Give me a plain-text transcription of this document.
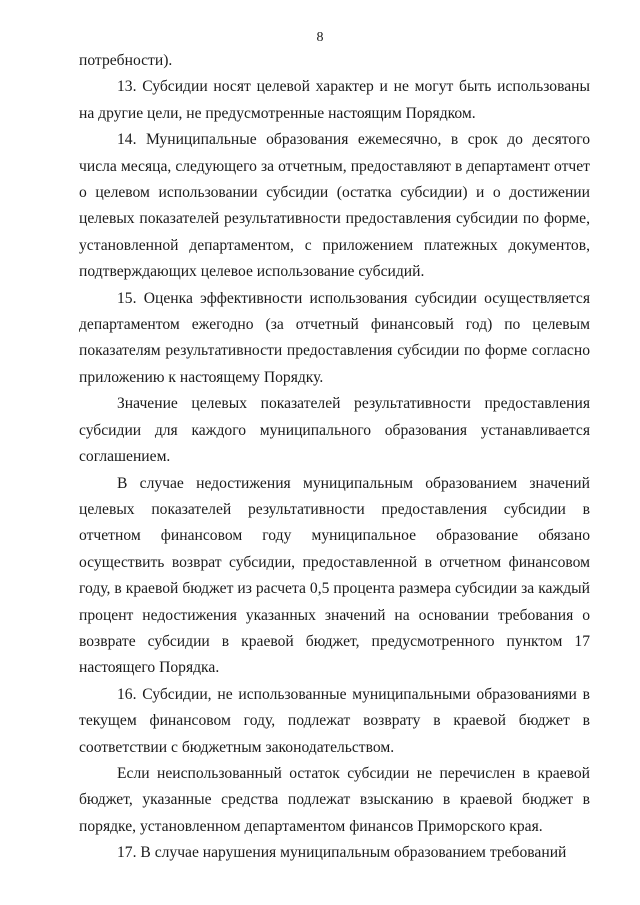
8

потребности).

13. Субсидии носят целевой характер и не могут быть использованы на другие цели, не предусмотренные настоящим Порядком.

14. Муниципальные образования ежемесячно, в срок до десятого числа месяца, следующего за отчетным, предоставляют в департамент отчет о целевом использовании субсидии (остатка субсидии) и о достижении целевых показателей результативности предоставления субсидии по форме, установленной департаментом, с приложением платежных документов, подтверждающих целевое использование субсидий.

15. Оценка эффективности использования субсидии осуществляется департаментом ежегодно (за отчетный финансовый год) по целевым показателям результативности предоставления субсидии по форме согласно приложению к настоящему Порядку.

Значение целевых показателей результативности предоставления субсидии для каждого муниципального образования устанавливается соглашением.

В случае недостижения муниципальным образованием значений целевых показателей результативности предоставления субсидии в отчетном финансовом году муниципальное образование обязано осуществить возврат субсидии, предоставленной в отчетном финансовом году, в краевой бюджет из расчета 0,5 процента размера субсидии за каждый процент недостижения указанных значений на основании требования о возврате субсидии в краевой бюджет, предусмотренного пунктом 17 настоящего Порядка.

16. Субсидии, не использованные муниципальными образованиями в текущем финансовом году, подлежат возврату в краевой бюджет в соответствии с бюджетным законодательством.

Если неиспользованный остаток субсидии не перечислен в краевой бюджет, указанные средства подлежат взысканию в краевой бюджет в порядке, установленном департаментом финансов Приморского края.

17. В случае нарушения муниципальным образованием требований
